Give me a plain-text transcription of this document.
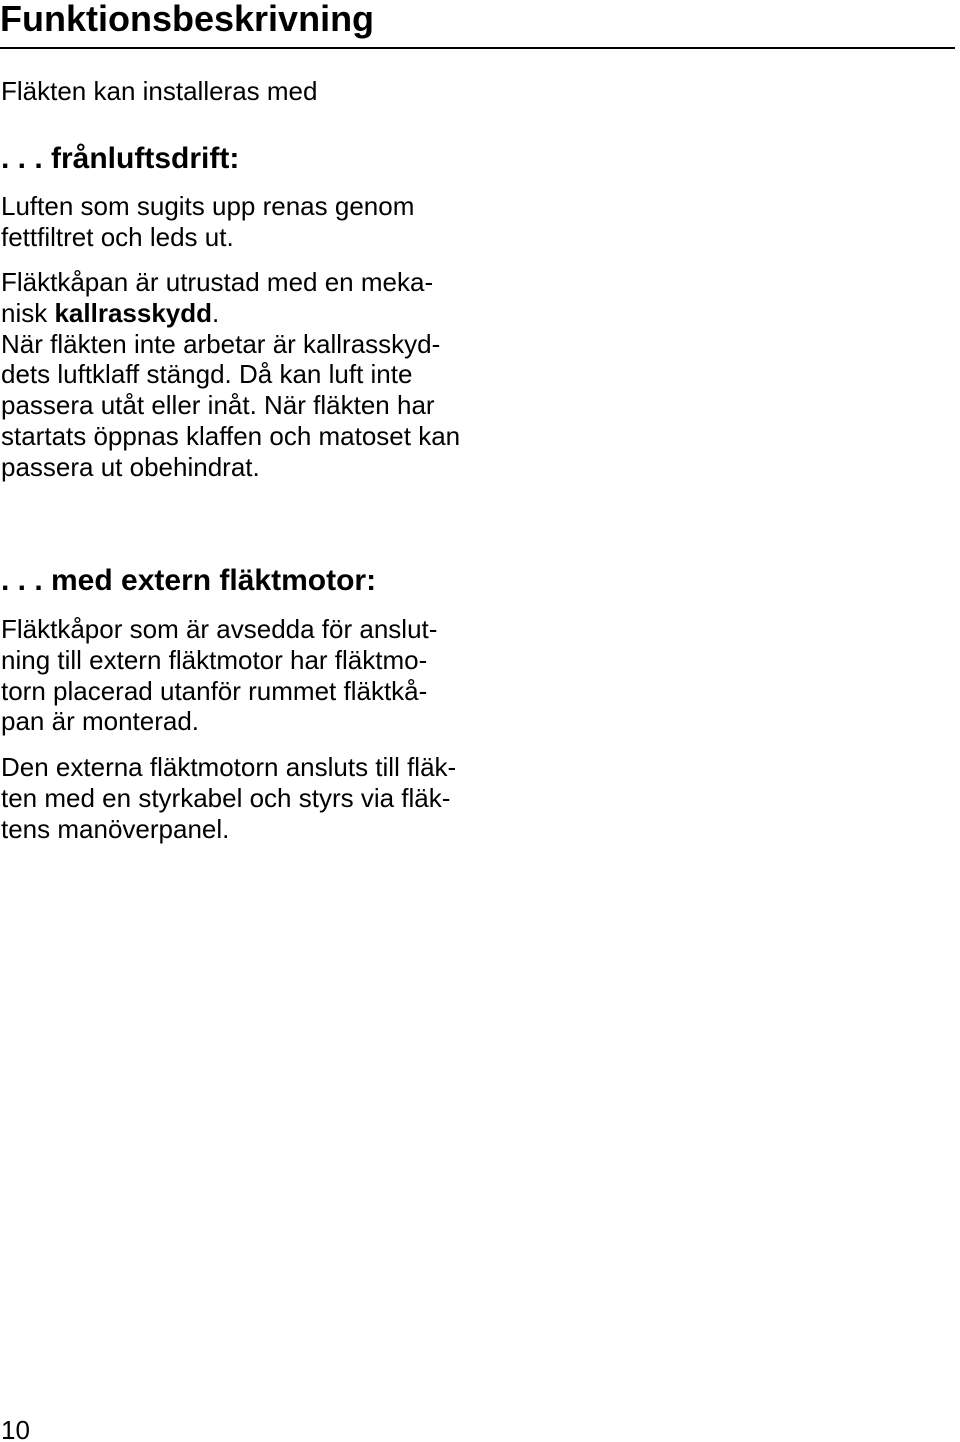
Funktionsbeskrivning

Fläkten kan installeras med

. . . frånluftsdrift:
Luften som sugits upp renas genom
fettfiltret och leds ut.
Fläktkåpan är utrustad med en meka-
nisk kallrasskydd.
När fläkten inte arbetar är kallrasskyd-
dets luftklaff stängd. Då kan luft inte
passera utåt eller inåt. När fläkten har
startats öppnas klaffen och matoset kan
passera ut obehindrat.
. . . med extern fläktmotor:
Fläktkåpor som är avsedda för anslut-
ning till extern fläktmotor har fläktmo-
torn placerad utanför rummet fläktkå-
pan är monterad.
Den externa fläktmotorn ansluts till fläk-
ten med en styrkabel och styrs via fläk-
tens manöverpanel.
10
